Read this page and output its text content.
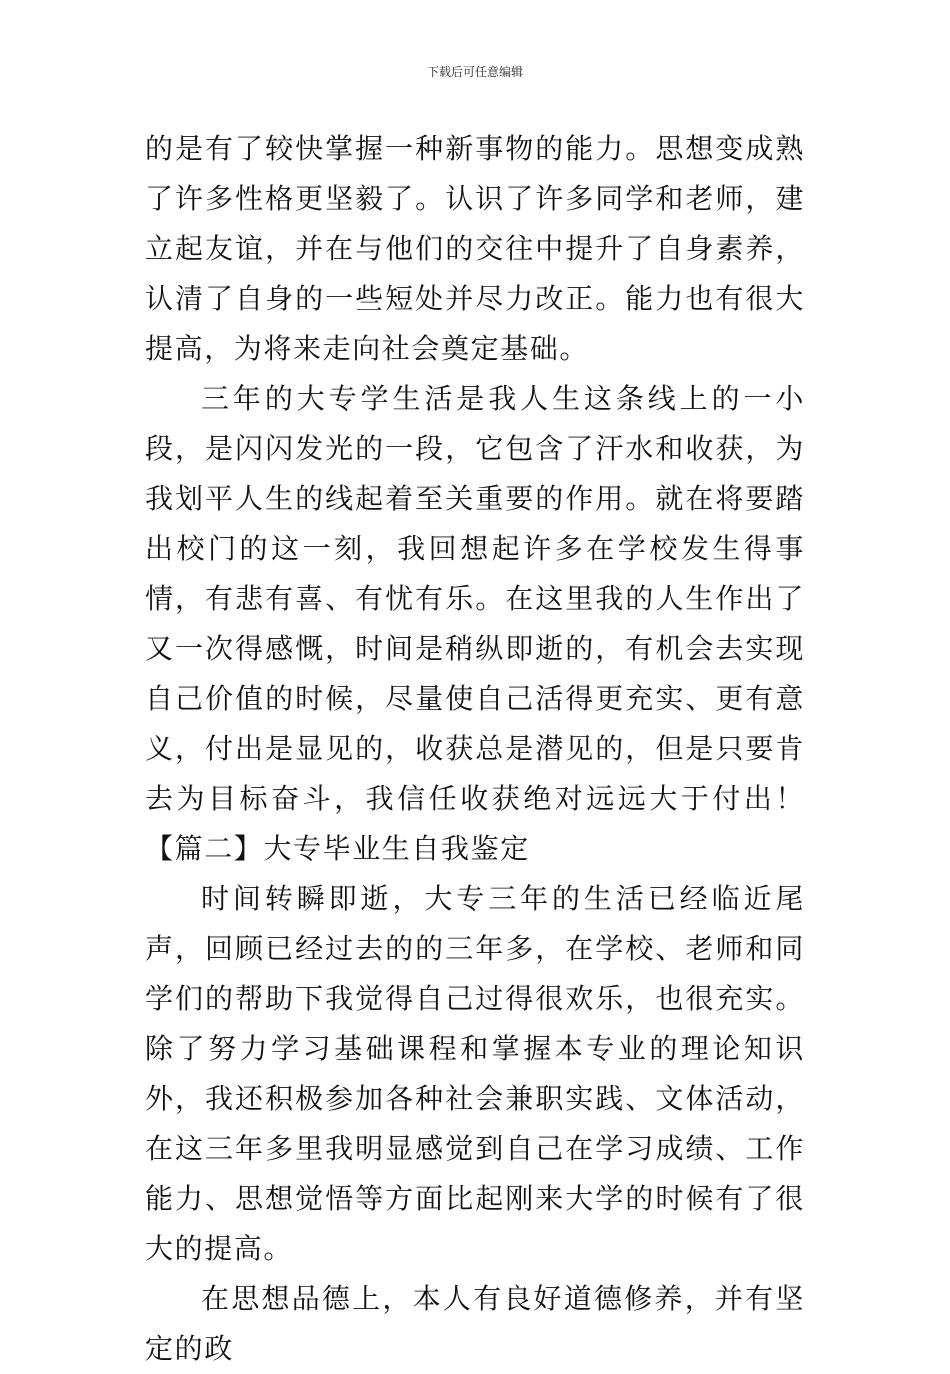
下载后可任意编辑

的是有了较快掌握一种新事物的能力。思想变成熟了许多性格更坚毅了。认识了许多同学和老师，建立起友谊，并在与他们的交往中提升了自身素养，认清了自身的一些短处并尽力改正。能力也有很大提高，为将来走向社会奠定基础。

三年的大专学生活是我人生这条线上的一小段，是闪闪发光的一段，它包含了汗水和收获，为我划平人生的线起着至关重要的作用。就在将要踏出校门的这一刻，我回想起许多在学校发生得事情，有悲有喜、有忧有乐。在这里我的人生作出了又一次得感慨，时间是稍纵即逝的，有机会去实现自己价值的时候，尽量使自己活得更充实、更有意义，付出是显见的，收获总是潜见的，但是只要肯去为目标奋斗，我信任收获绝对远远大于付出！【篇二】大专毕业生自我鉴定

时间转瞬即逝，大专三年的生活已经临近尾声，回顾已经过去的的三年多，在学校、老师和同学们的帮助下我觉得自己过得很欢乐，也很充实。除了努力学习基础课程和掌握本专业的理论知识外，我还积极参加各种社会兼职实践、文体活动，在这三年多里我明显感觉到自己在学习成绩、工作能力、思想觉悟等方面比起刚来大学的时候有了很大的提高。

在思想品德上，本人有良好道德修养，并有坚定的政
